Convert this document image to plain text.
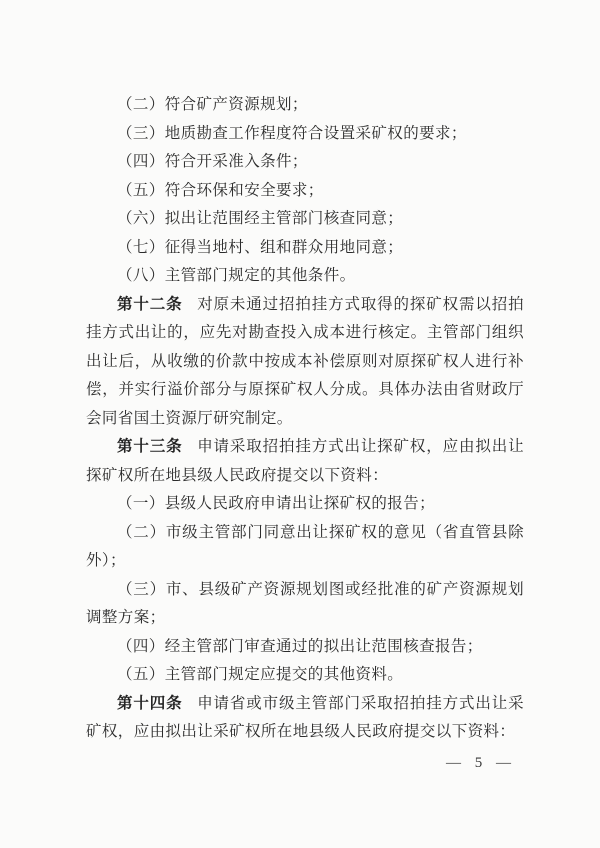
（二）符合矿产资源规划；

（三）地质勘查工作程度符合设置采矿权的要求；

（四）符合开采准入条件；

（五）符合环保和安全要求；

（六）拟出让范围经主管部门核查同意；

（七）征得当地村、组和群众用地同意；

（八）主管部门规定的其他条件。

第十二条 对原未通过招拍挂方式取得的探矿权需以招拍挂方式出让的，应先对勘查投入成本进行核定。主管部门组织出让后，从收缴的价款中按成本补偿原则对原探矿权人进行补偿，并实行溢价部分与原探矿权人分成。具体办法由省财政厅会同省国土资源厅研究制定。

第十三条 申请采取招拍挂方式出让探矿权，应由拟出让探矿权所在地县级人民政府提交以下资料：

（一）县级人民政府申请出让探矿权的报告；

（二）市级主管部门同意出让探矿权的意见（省直管县除外）；

（三）市、县级矿产资源规划图或经批准的矿产资源规划调整方案；

（四）经主管部门审查通过的拟出让范围核查报告；

（五）主管部门规定应提交的其他资料。

第十四条 申请省或市级主管部门采取招拍挂方式出让采矿权，应由拟出让采矿权所在地县级人民政府提交以下资料：

— 5 —
